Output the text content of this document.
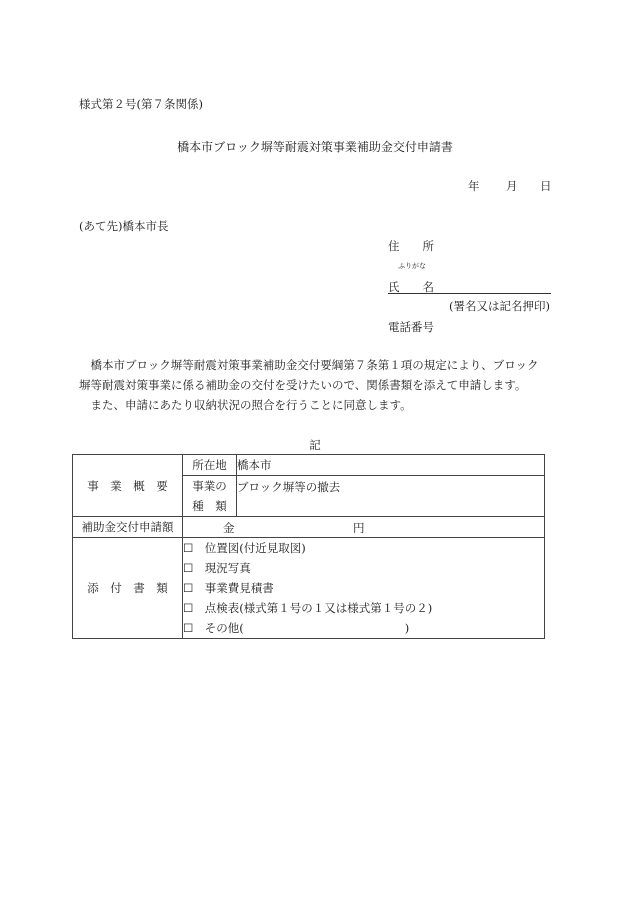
様式第２号(第７条関係)
橋本市ブロック塀等耐震対策事業補助金交付申請書
年 月 日
(あて先)橋本市長
住　　所
ふりがな
氏　　名
(署名又は記名押印)
電話番号

　橋本市ブロック塀等耐震対策事業補助金交付要綱第７条第１項の規定により、ブロック

塀等耐震対策事業に係る補助金の交付を受けたいので、関係書類を添えて申請します。

　また、申請にあたり収納状況の照合を行うことに同意します。

記
事　業　概　要	所在地	橋本市

	事業の
種　類	ブロック塀等の撤去
補助金交付申請額	金 円	

添　付　書　類	☐　位置図(付近見取図)
☐　現況写真
☐　事業費見積書
☐　点検表(様式第１号の１又は様式第１号の２)
☐　その他(　　　　　　　　　　　　　　)	
